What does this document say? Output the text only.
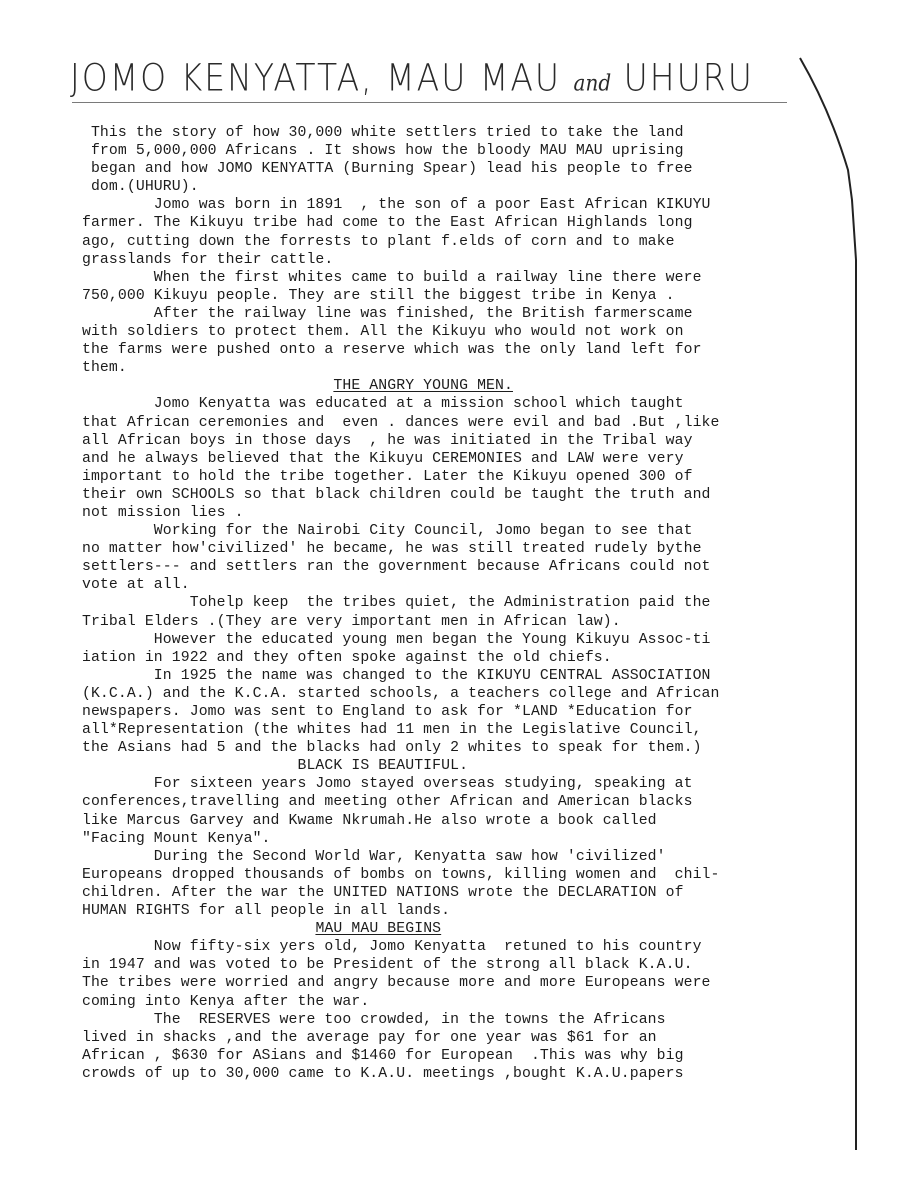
JOMO KENYATTA, MAU MAU and UHURU
This the story of how 30,000 white settlers tried to take the land
from 5,000,000 Africans . It shows how the bloody MAU MAU uprising
began and how JOMO KENYATTA (Burning Spear) lead his people to free
dom.(UHURU).
Jomo was born in 1891  , the son of a poor East African KIKUYU
farmer. The Kikuyu tribe had come to the East African Highlands long
ago, cutting down the forrests to plant f.elds of corn and to make
grasslands for their cattle.
When the first whites came to build a railway line there were
750,000 Kikuyu people. They are still the biggest tribe in Kenya .
After the railway line was finished, the British farmerscame
with soldiers to protect them. All the Kikuyu who would not work on
the farms were pushed onto a reserve which was the only land left for
them.
THE ANGRY YOUNG MEN.
Jomo Kenyatta was educated at a mission school which taught
that African ceremonies and  even . dances were evil and bad .But ,like
all African boys in those days  , he was initiated in the Tribal way
and he always believed that the Kikuyu CEREMONIES and LAW were very
important to hold the tribe together. Later the Kikuyu opened 300 of
their own SCHOOLS so that black children could be taught the truth and
not mission lies .
Working for the Nairobi City Council, Jomo began to see that
no matter how'civilized' he became, he was still treated rudely bythe
settlers--- and settlers ran the government because Africans could not
vote at all.
Tohelp keep  the tribes quiet, the Administration paid the
Tribal Elders .(They are very important men in African law).
However the educated young men began the Young Kikuyu Assoc-ti
iation in 1922 and they often spoke against the old chiefs.
In 1925 the name was changed to the KIKUYU CENTRAL ASSOCIATION
(K.C.A.) and the K.C.A. started schools, a teachers college and African
newspapers. Jomo was sent to England to ask for *LAND *Education for
all*Representation (the whites had 11 men in the Legislative Council,
the Asians had 5 and the blacks had only 2 whites to speak for them.)
BLACK IS BEAUTIFUL.
For sixteen years Jomo stayed overseas studying, speaking at
conferences,travelling and meeting other African and American blacks
like Marcus Garvey and Kwame Nkrumah.He also wrote a book called
"Facing Mount Kenya".
During the Second World War, Kenyatta saw how 'civilized'
Europeans dropped thousands of bombs on towns, killing women and  chil-
children. After the war the UNITED NATIONS wrote the DECLARATION of
HUMAN RIGHTS for all people in all lands.
MAU MAU BEGINS
Now fifty-six yers old, Jomo Kenyatta  retuned to his country
in 1947 and was voted to be President of the strong all black K.A.U.
The tribes were worried and angry because more and more Europeans were
coming into Kenya after the war.
The  RESERVES were too crowded, in the towns the Africans
lived in shacks ,and the average pay for one year was $61 for an
African , $630 for ASians and $1460 for European  .This was why big
crowds of up to 30,000 came to K.A.U. meetings ,bought K.A.U.papers
